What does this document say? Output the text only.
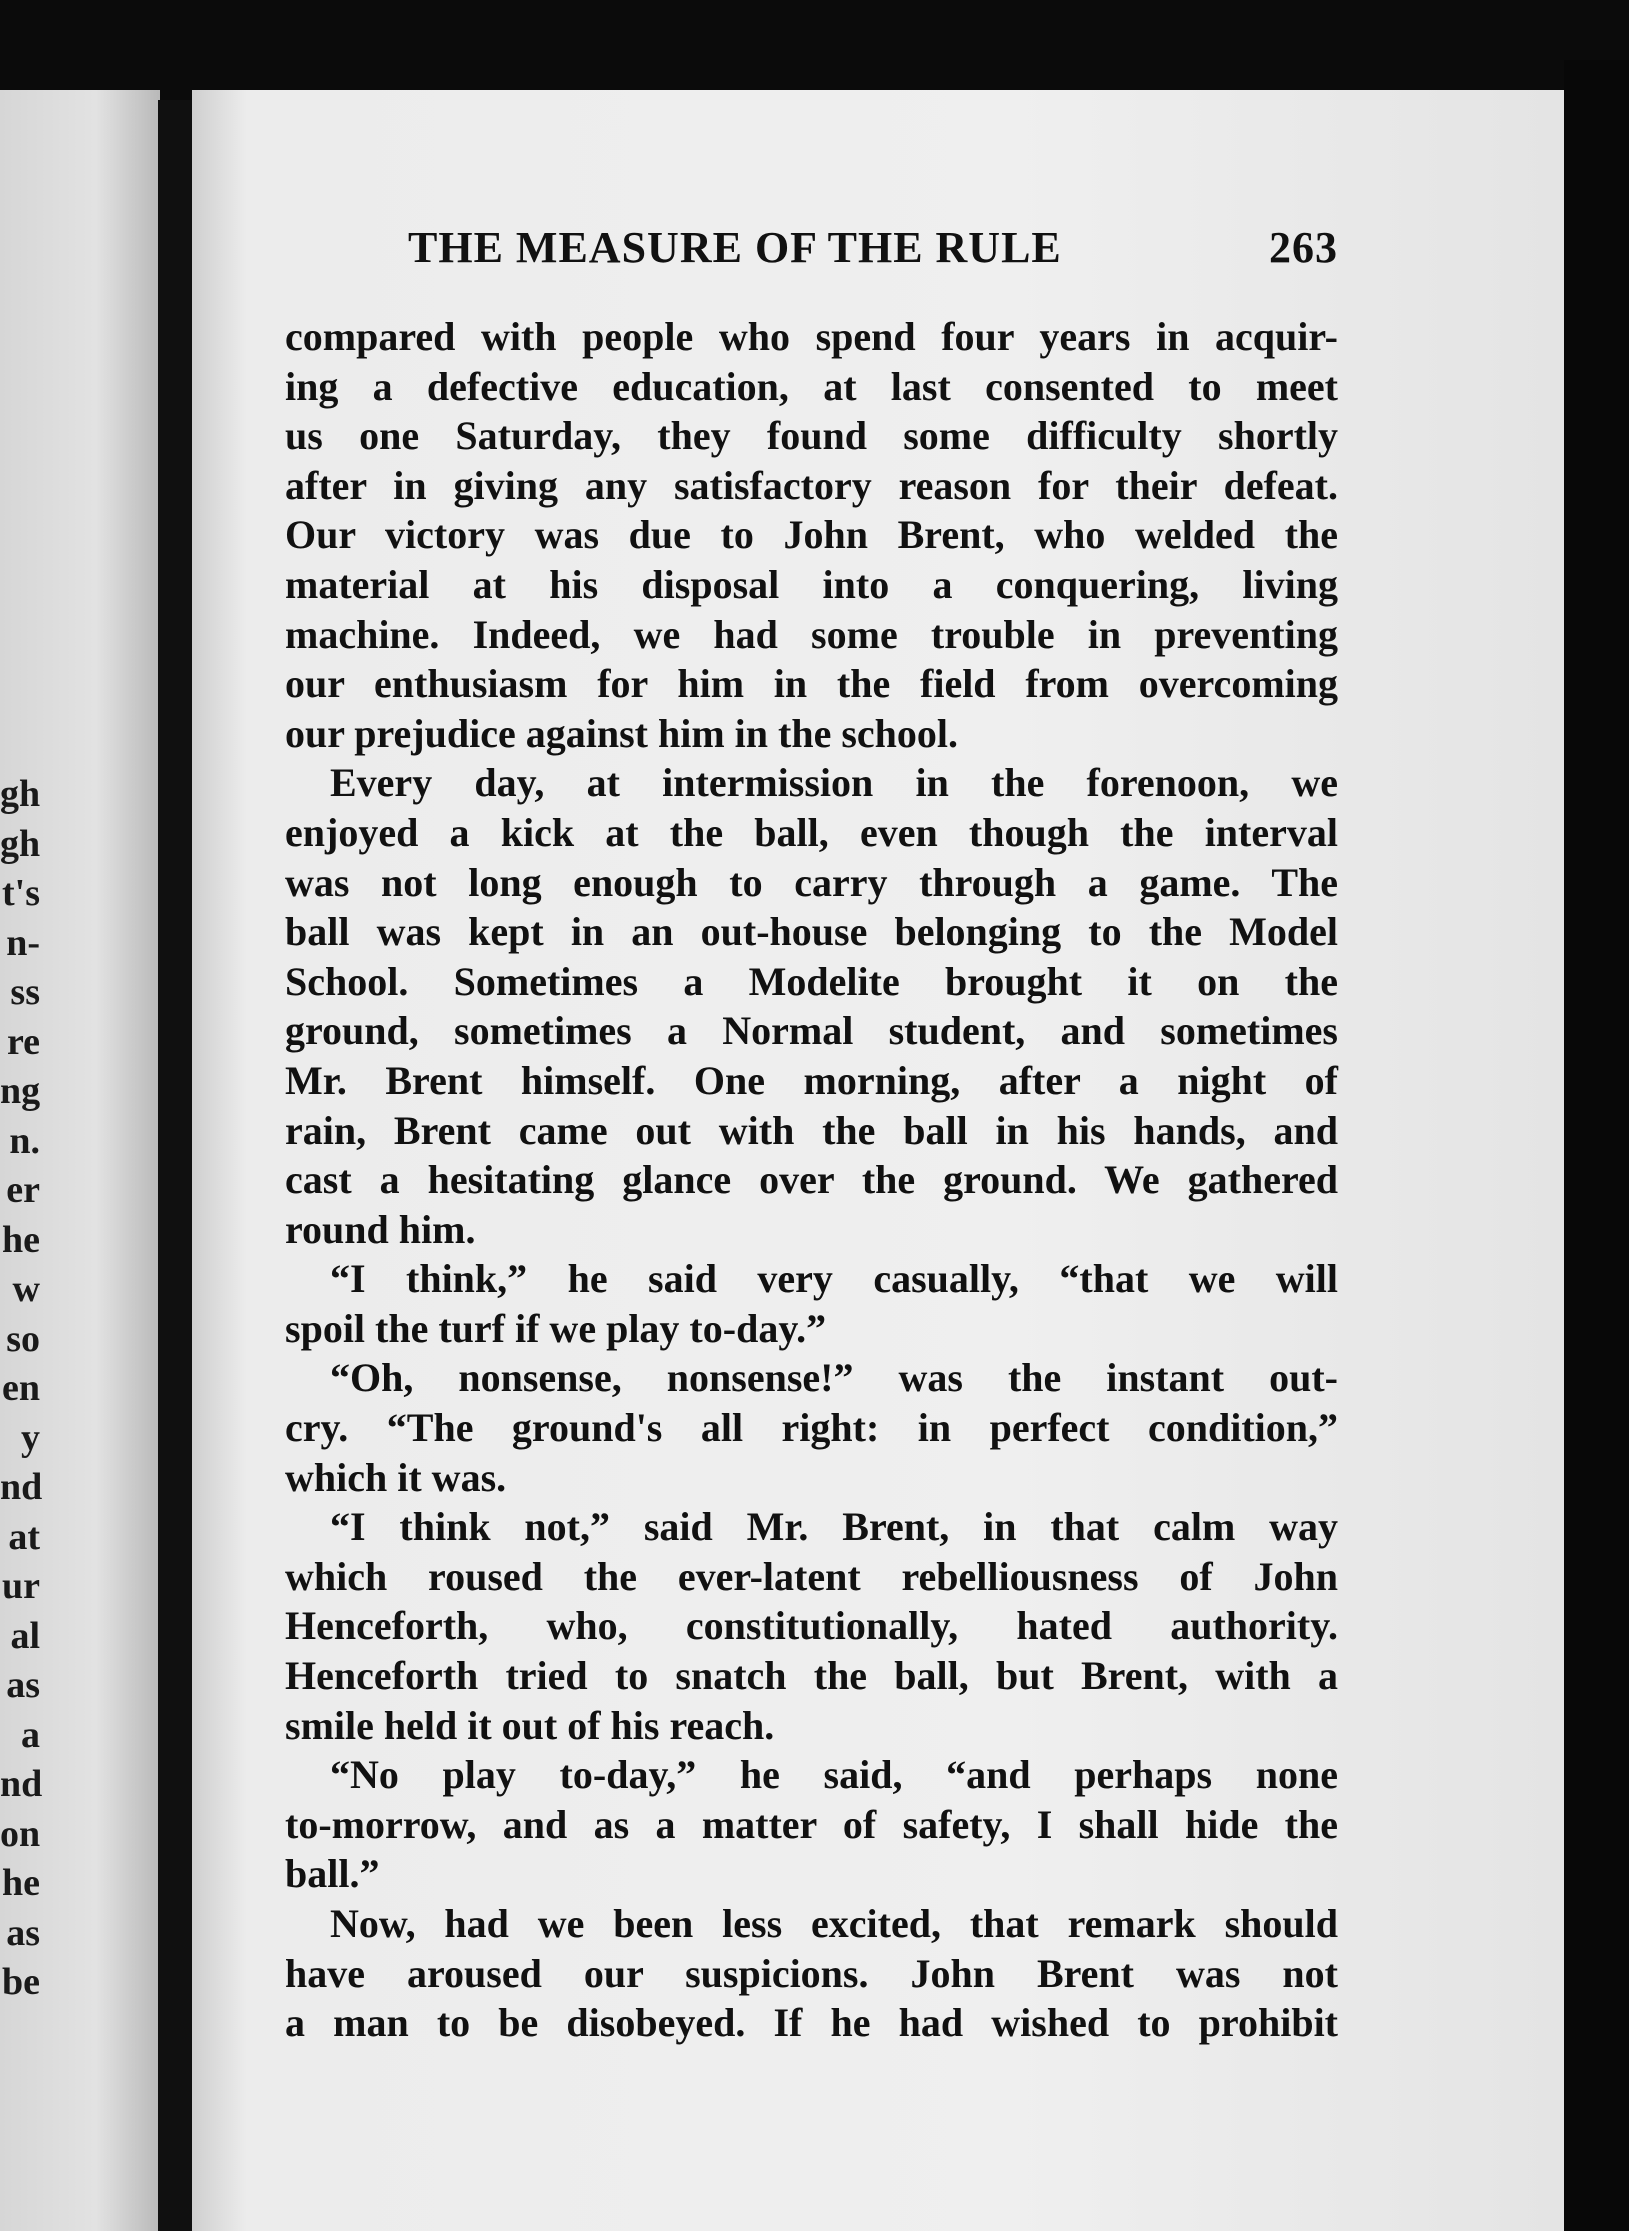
gh
gh
t's
n-
ss
re
ng
n.
er
he
w
so
en
y
nd
at
ur
al
as
a
nd
on
he
as
be
THE MEASURE OF THE RULE	263
compared with people who spend four years in acquir-
ing a defective education, at last consented to meet
us one Saturday, they found some difficulty shortly
after in giving any satisfactory reason for their defeat.
Our victory was due to John Brent, who welded the
material at his disposal into a conquering, living
machine. Indeed, we had some trouble in preventing
our enthusiasm for him in the field from overcoming
our prejudice against him in the school.
Every day, at intermission in the forenoon, we
enjoyed a kick at the ball, even though the interval
was not long enough to carry through a game. The
ball was kept in an out-house belonging to the Model
School. Sometimes a Modelite brought it on the
ground, sometimes a Normal student, and sometimes
Mr. Brent himself. One morning, after a night of
rain, Brent came out with the ball in his hands, and
cast a hesitating glance over the ground. We gathered
round him.
“I think,” he said very casually, “that we will
spoil the turf if we play to-day.”
“Oh, nonsense, nonsense!” was the instant out-
cry. “The ground's all right: in perfect condition,”
which it was.
“I think not,” said Mr. Brent, in that calm way
which roused the ever-latent rebelliousness of John
Henceforth, who, constitutionally, hated authority.
Henceforth tried to snatch the ball, but Brent, with a
smile held it out of his reach.
“No play to-day,” he said, “and perhaps none
to-morrow, and as a matter of safety, I shall hide the
ball.”
Now, had we been less excited, that remark should
have aroused our suspicions. John Brent was not
a man to be disobeyed. If he had wished to prohibit
